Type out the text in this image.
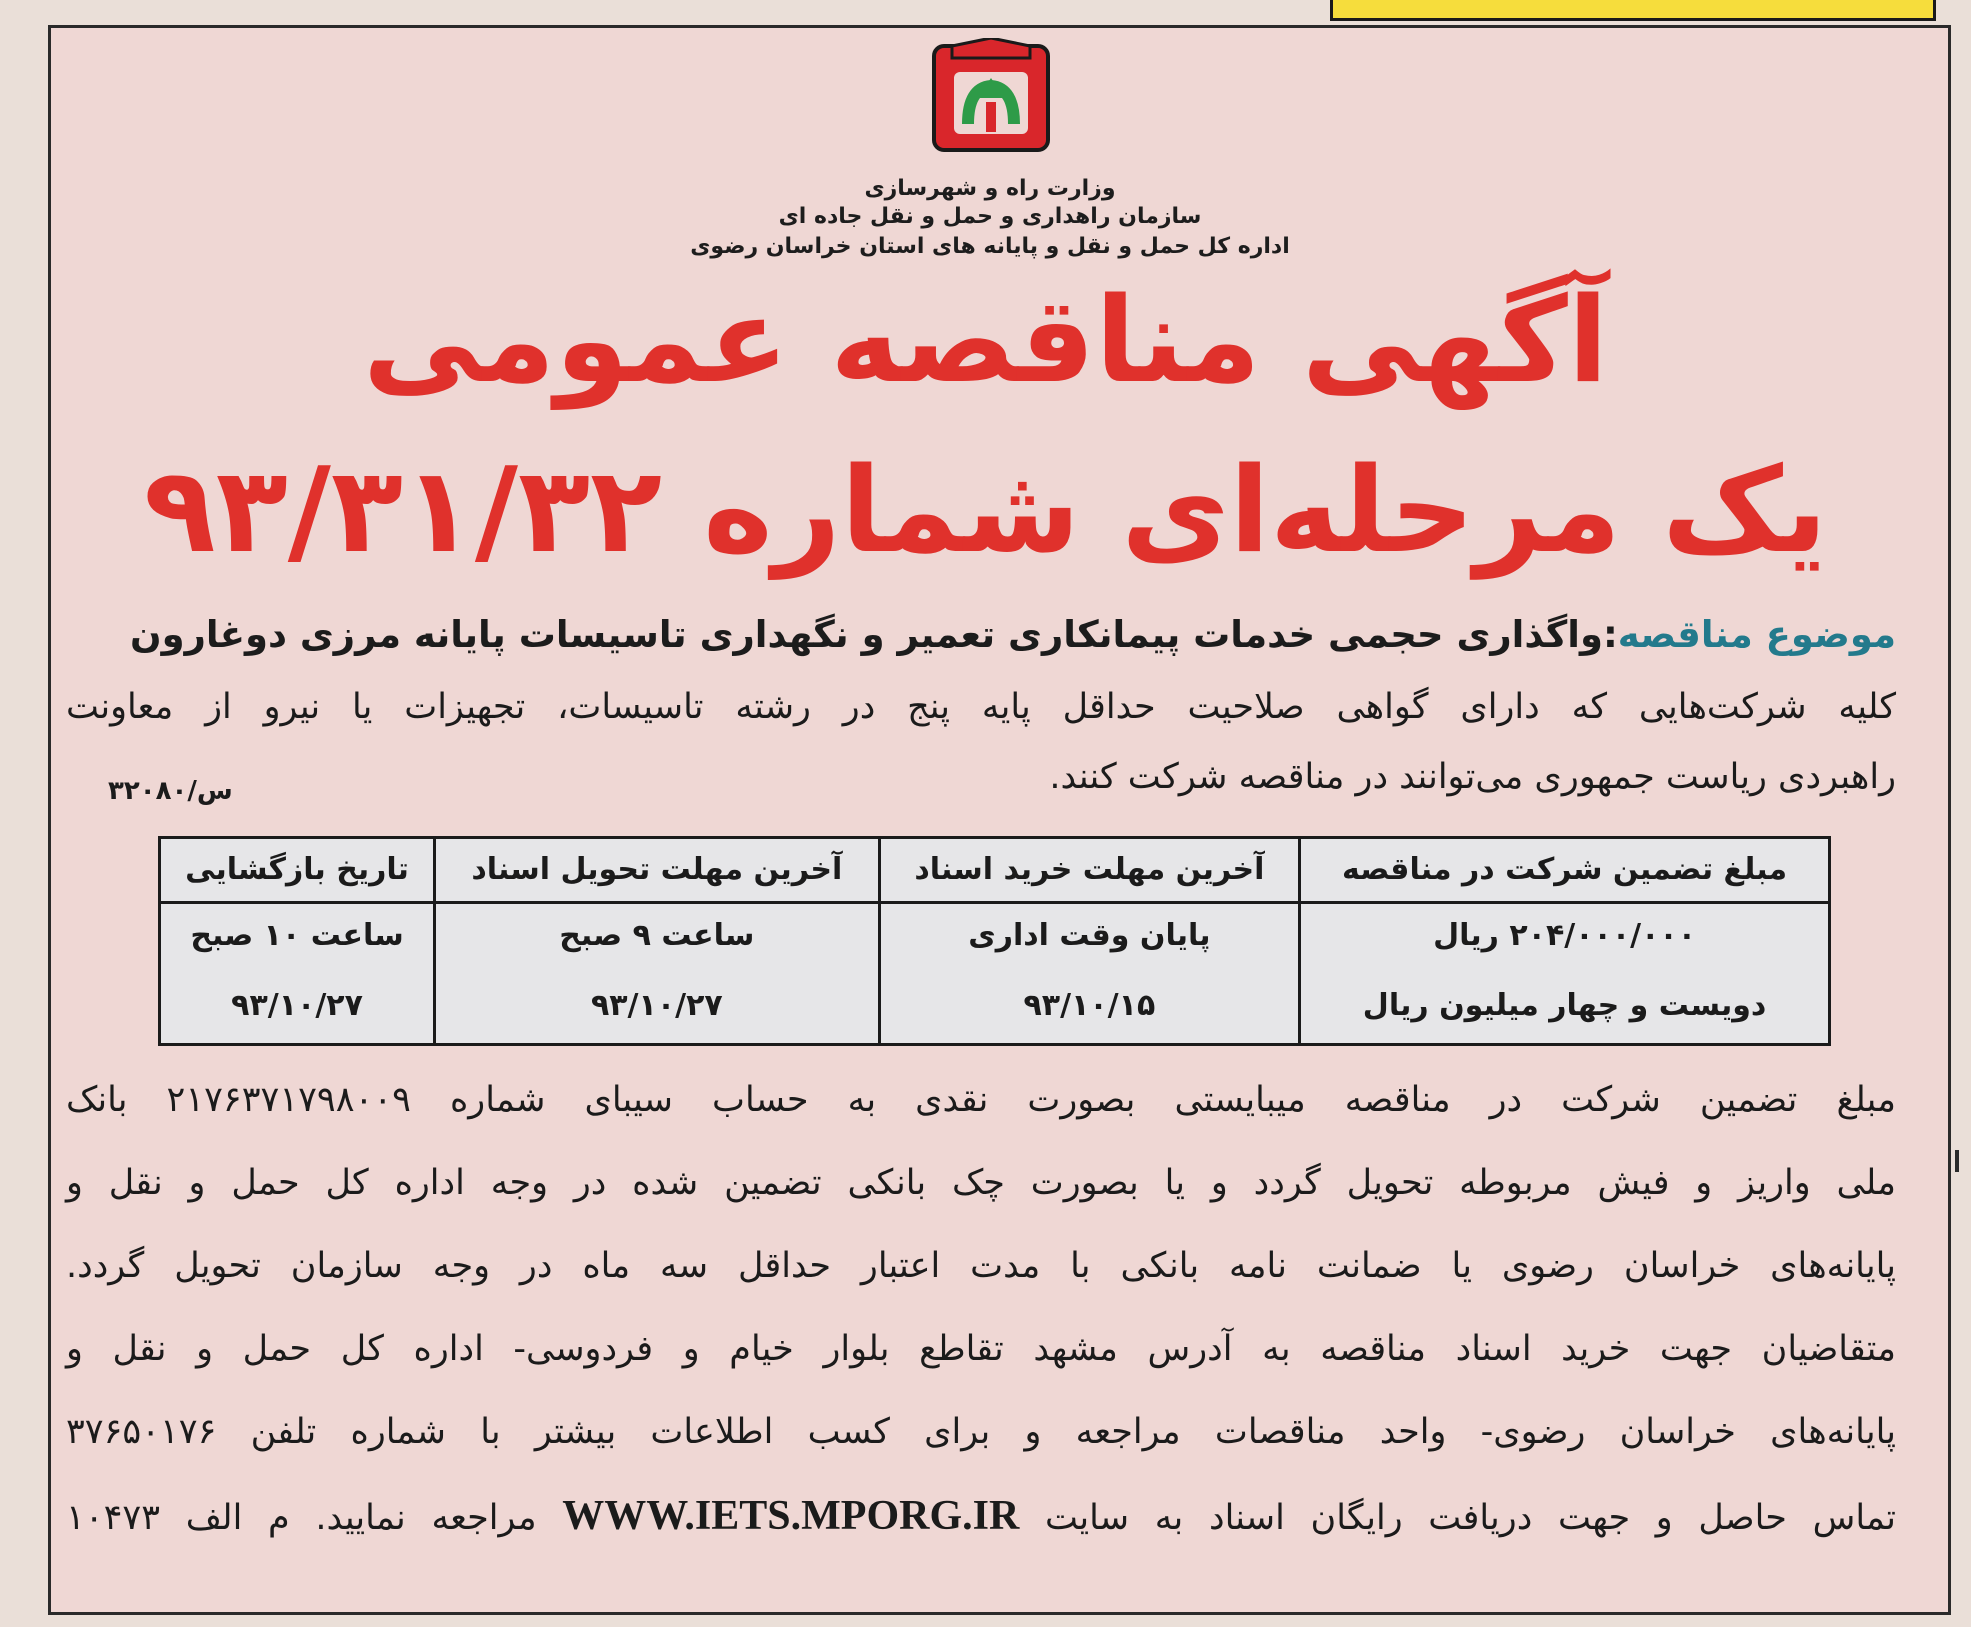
وزارت راه و شهرسازی
سازمان راهداری و حمل و نقل جاده ای
اداره کل حمل و نقل و پایانه های استان خراسان رضوی
آگهی مناقصه عمومی
یک مرحله‌ای شماره ۹۳/۳۱/۳۲
موضوع مناقصه:واگذاری حجمی خدمات پیمانکاری تعمیر و نگهداری تاسیسات پایانه مرزی دوغارون
کلیه شرکت‌هایی که دارای گواهی صلاحیت حداقل پایه پنج در رشته تاسیسات، تجهیزات یا نیرو از معاونت
راهبردی ریاست جمهوری می‌توانند در مناقصه شرکت کنند.
۳۲۰۸۰/س
مبلغ تضمین شرکت در مناقصه	آخرین مهلت خرید اسناد	آخرین مهلت تحویل اسناد	تاریخ بازگشایی
۲۰۴/۰۰۰/۰۰۰ ریال	پایان وقت اداری	ساعت ۹ صبح	ساعت ۱۰ صبح
دویست و چهار میلیون ریال	۹۳/۱۰/۱۵	۹۳/۱۰/۲۷	۹۳/۱۰/۲۷
مبلغ تضمین شرکت در مناقصه میبایستی بصورت نقدی به حساب سیبای شماره ۲۱۷۶۳۷۱۷۹۸۰۰۹ بانک
ملی واریز و فیش مربوطه تحویل گردد و یا بصورت چک بانکی تضمین شده در وجه اداره کل حمل و نقل و
پایانه‌های خراسان رضوی یا ضمانت نامه بانکی با مدت اعتبار حداقل سه ماه در وجه سازمان تحویل گردد.
متقاضیان جهت خرید اسناد مناقصه به آدرس مشهد تقاطع بلوار خیام و فردوسی- اداره کل حمل و نقل و
پایانه‌های خراسان رضوی- واحد مناقصات مراجعه و برای کسب اطلاعات بیشتر با شماره تلفن ۳۷۶۵۰۱۷۶
تماس حاصل و جهت دریافت رایگان اسناد به سایت WWW.IETS.MPORG.IR مراجعه نمایید. م الف ۱۰۴۷۳
